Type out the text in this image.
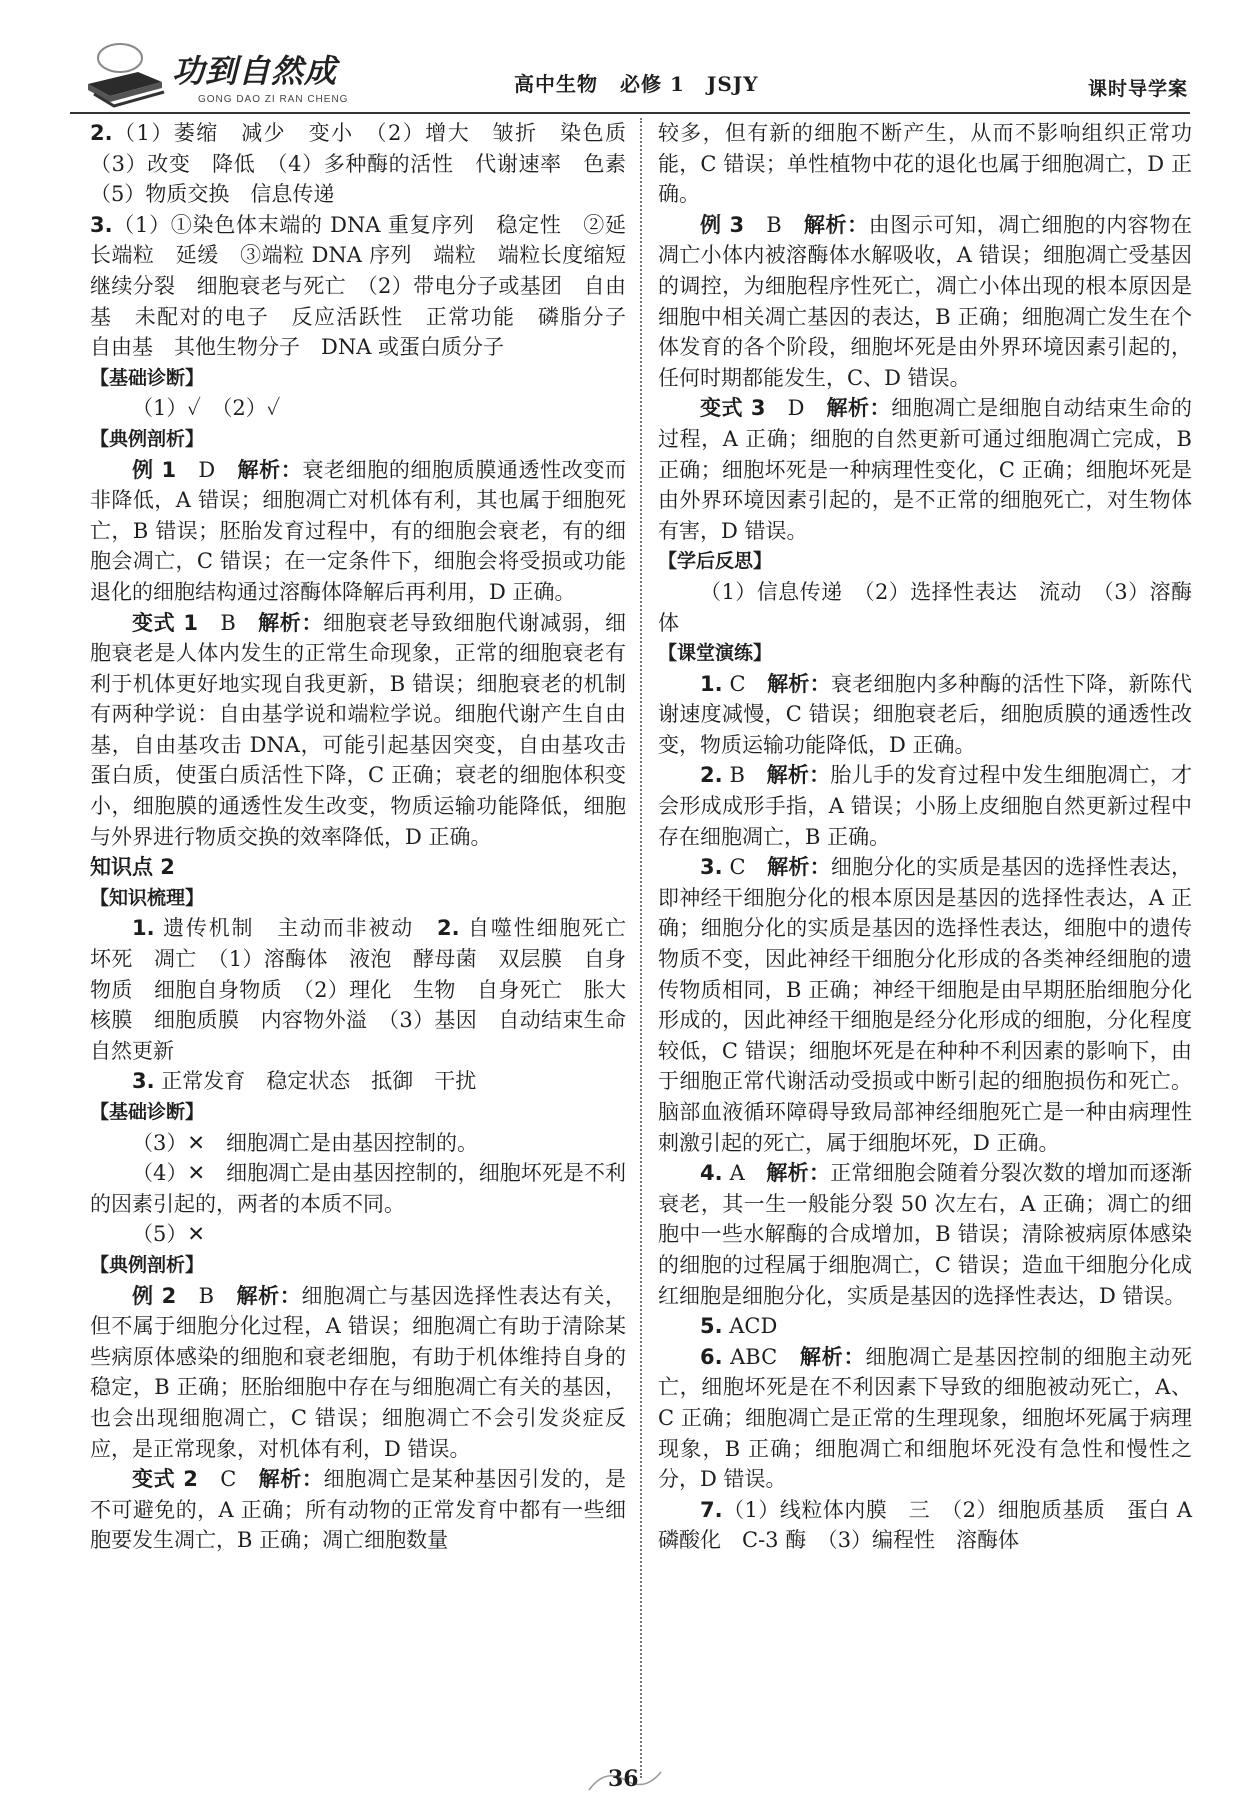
功到自然成
GONG DAO ZI RAN CHENG
高中生物 必修 1 JSJY	课时导学案

2.（1）萎缩　减少　变小　（2）增大　皱折　染色质　（3）改变　降低　（4）多种酶的活性　代谢速率　色素　（5）物质交换　信息传递

3.（1）①染色体末端的 DNA 重复序列　稳定性　②延长端粒　延缓　③端粒 DNA 序列　端粒　端粒长度缩短　继续分裂　细胞衰老与死亡　（2）带电分子或基团　自由基　未配对的电子　反应活跃性　正常功能　磷脂分子　自由基　其他生物分子　DNA 或蛋白质分子

【基础诊断】

（1）✓　（2）✓

【典例剖析】

例 1　D　解析：衰老细胞的细胞质膜通透性改变而非降低，A 错误；细胞凋亡对机体有利，其也属于细胞死亡，B 错误；胚胎发育过程中，有的细胞会衰老，有的细胞会凋亡，C 错误；在一定条件下，细胞会将受损或功能退化的细胞结构通过溶酶体降解后再利用，D 正确。

变式 1　B　解析：细胞衰老导致细胞代谢减弱，细胞衰老是人体内发生的正常生命现象，正常的细胞衰老有利于机体更好地实现自我更新，B 错误；细胞衰老的机制有两种学说：自由基学说和端粒学说。细胞代谢产生自由基，自由基攻击 DNA，可能引起基因突变，自由基攻击蛋白质，使蛋白质活性下降，C 正确；衰老的细胞体积变小，细胞膜的通透性发生改变，物质运输功能降低，细胞与外界进行物质交换的效率降低，D 正确。

知识点 2

【知识梳理】

1. 遗传机制　主动而非被动　2. 自噬性细胞死亡　坏死　凋亡　（1）溶酶体　液泡　酵母菌　双层膜　自身物质　细胞自身物质　（2）理化　生物　自身死亡　胀大　核膜　细胞质膜　内容物外溢　（3）基因　自动结束生命　自然更新

3. 正常发育　稳定状态　抵御　干扰

【基础诊断】

（3）✕　细胞凋亡是由基因控制的。

（4）✕　细胞凋亡是由基因控制的，细胞坏死是不利的因素引起的，两者的本质不同。

（5）✕

【典例剖析】

例 2　B　解析：细胞凋亡与基因选择性表达有关，但不属于细胞分化过程，A 错误；细胞凋亡有助于清除某些病原体感染的细胞和衰老细胞，有助于机体维持自身的稳定，B 正确；胚胎细胞中存在与细胞凋亡有关的基因，也会出现细胞凋亡，C 错误；细胞凋亡不会引发炎症反应，是正常现象，对机体有利，D 错误。

变式 2　C　解析：细胞凋亡是某种基因引发的，是不可避免的，A 正确；所有动物的正常发育中都有一些细胞要发生凋亡，B 正确；凋亡细胞数量

较多，但有新的细胞不断产生，从而不影响组织正常功能，C 错误；单性植物中花的退化也属于细胞凋亡，D 正确。

例 3　B　解析：由图示可知，凋亡细胞的内容物在凋亡小体内被溶酶体水解吸收，A 错误；细胞凋亡受基因的调控，为细胞程序性死亡，凋亡小体出现的根本原因是细胞中相关凋亡基因的表达，B 正确；细胞凋亡发生在个体发育的各个阶段，细胞坏死是由外界环境因素引起的，任何时期都能发生，C、D 错误。

变式 3　D　解析：细胞凋亡是细胞自动结束生命的过程，A 正确；细胞的自然更新可通过细胞凋亡完成，B 正确；细胞坏死是一种病理性变化，C 正确；细胞坏死是由外界环境因素引起的，是不正常的细胞死亡，对生物体有害，D 错误。

【学后反思】

（1）信息传递　（2）选择性表达　流动　（3）溶酶体

【课堂演练】

1. C　解析：衰老细胞内多种酶的活性下降，新陈代谢速度减慢，C 错误；细胞衰老后，细胞质膜的通透性改变，物质运输功能降低，D 正确。

2. B　解析：胎儿手的发育过程中发生细胞凋亡，才会形成成形手指，A 错误；小肠上皮细胞自然更新过程中存在细胞凋亡，B 正确。

3. C　解析：细胞分化的实质是基因的选择性表达，即神经干细胞分化的根本原因是基因的选择性表达，A 正确；细胞分化的实质是基因的选择性表达，细胞中的遗传物质不变，因此神经干细胞分化形成的各类神经细胞的遗传物质相同，B 正确；神经干细胞是由早期胚胎细胞分化形成的，因此神经干细胞是经分化形成的细胞，分化程度较低，C 错误；细胞坏死是在种种不利因素的影响下，由于细胞正常代谢活动受损或中断引起的细胞损伤和死亡。脑部血液循环障碍导致局部神经细胞死亡是一种由病理性刺激引起的死亡，属于细胞坏死，D 正确。

4. A　解析：正常细胞会随着分裂次数的增加而逐渐衰老，其一生一般能分裂 50 次左右，A 正确；凋亡的细胞中一些水解酶的合成增加，B 错误；清除被病原体感染的细胞的过程属于细胞凋亡，C 错误；造血干细胞分化成红细胞是细胞分化，实质是基因的选择性表达，D 错误。

5. ACD

6. ABC　解析：细胞凋亡是基因控制的细胞主动死亡，细胞坏死是在不利因素下导致的细胞被动死亡，A、C 正确；细胞凋亡是正常的生理现象，细胞坏死属于病理现象，B 正确；细胞凋亡和细胞坏死没有急性和慢性之分，D 错误。

7.（1）线粒体内膜　三　（2）细胞质基质　蛋白 A　磷酸化　C-3 酶　（3）编程性　溶酶体

36
